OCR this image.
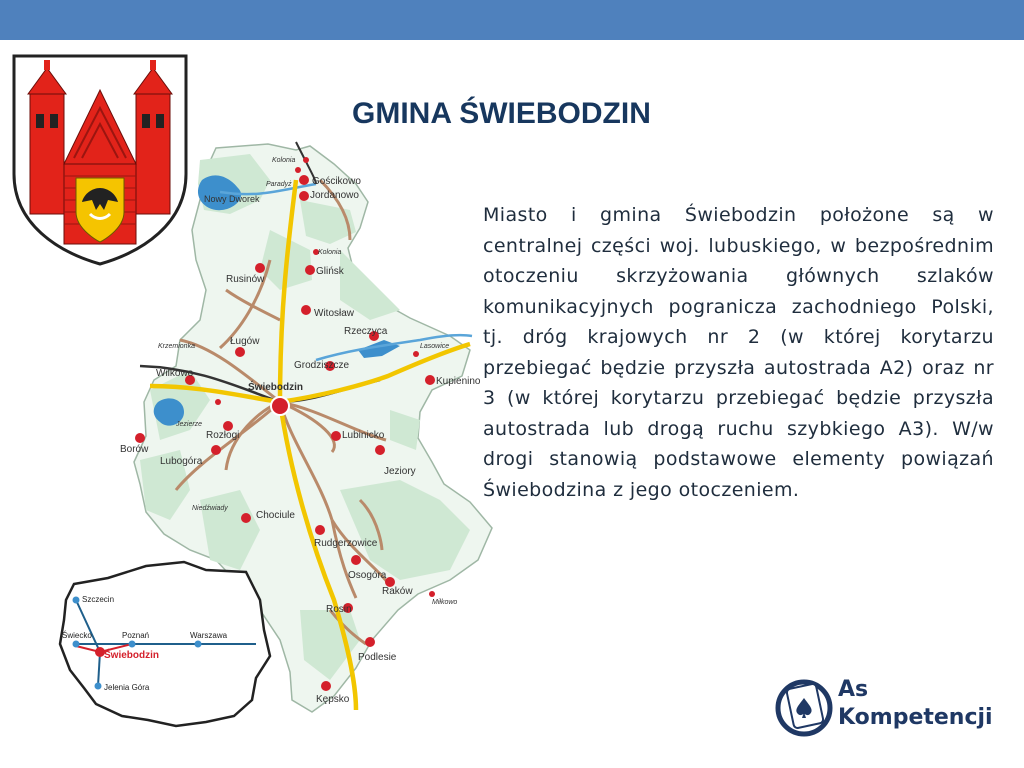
GMINA ŚWIEBODZIN
Kolonia
Paradyż Gościkowo
Jordanowo
Nowy Dworek
Kolonia
Glińsk
Rusinów
Witosław
Rzeczyca
Ługów
Krzemionka	Lasowice
Wilkowo
Grodziszcze
Świebodzin
Kupienino
Jezierze
Rozłogi	Lubinicko
Borów
Lubogóra
Jeziory
Niedźwiady
Chociule
Rudgerzowice
Osogóra
Raków
Miłkowo
Rosin
Podlesie
Kępsko
Szczecin
Świecko	Poznań	Warszawa
Świebodzin
Jelenia Góra

Miasto i gmina Świebodzin położone są w centralnej części woj. lubuskiego, w bezpośrednim otoczeniu skrzyżowania głównych szlaków komunikacyjnych pogranicza zachodniego Polski, tj. dróg krajowych nr 2 (w której korytarzu przebiegać będzie przyszła autostrada A2) oraz nr 3 (w której korytarzu przebiegać będzie przyszła autostrada lub drogą ruchu szybkiego A3). W/w drogi stanowią podstawowe elementy powiązań Świebodzina z jego otoczeniem.

As
Kompetencji
